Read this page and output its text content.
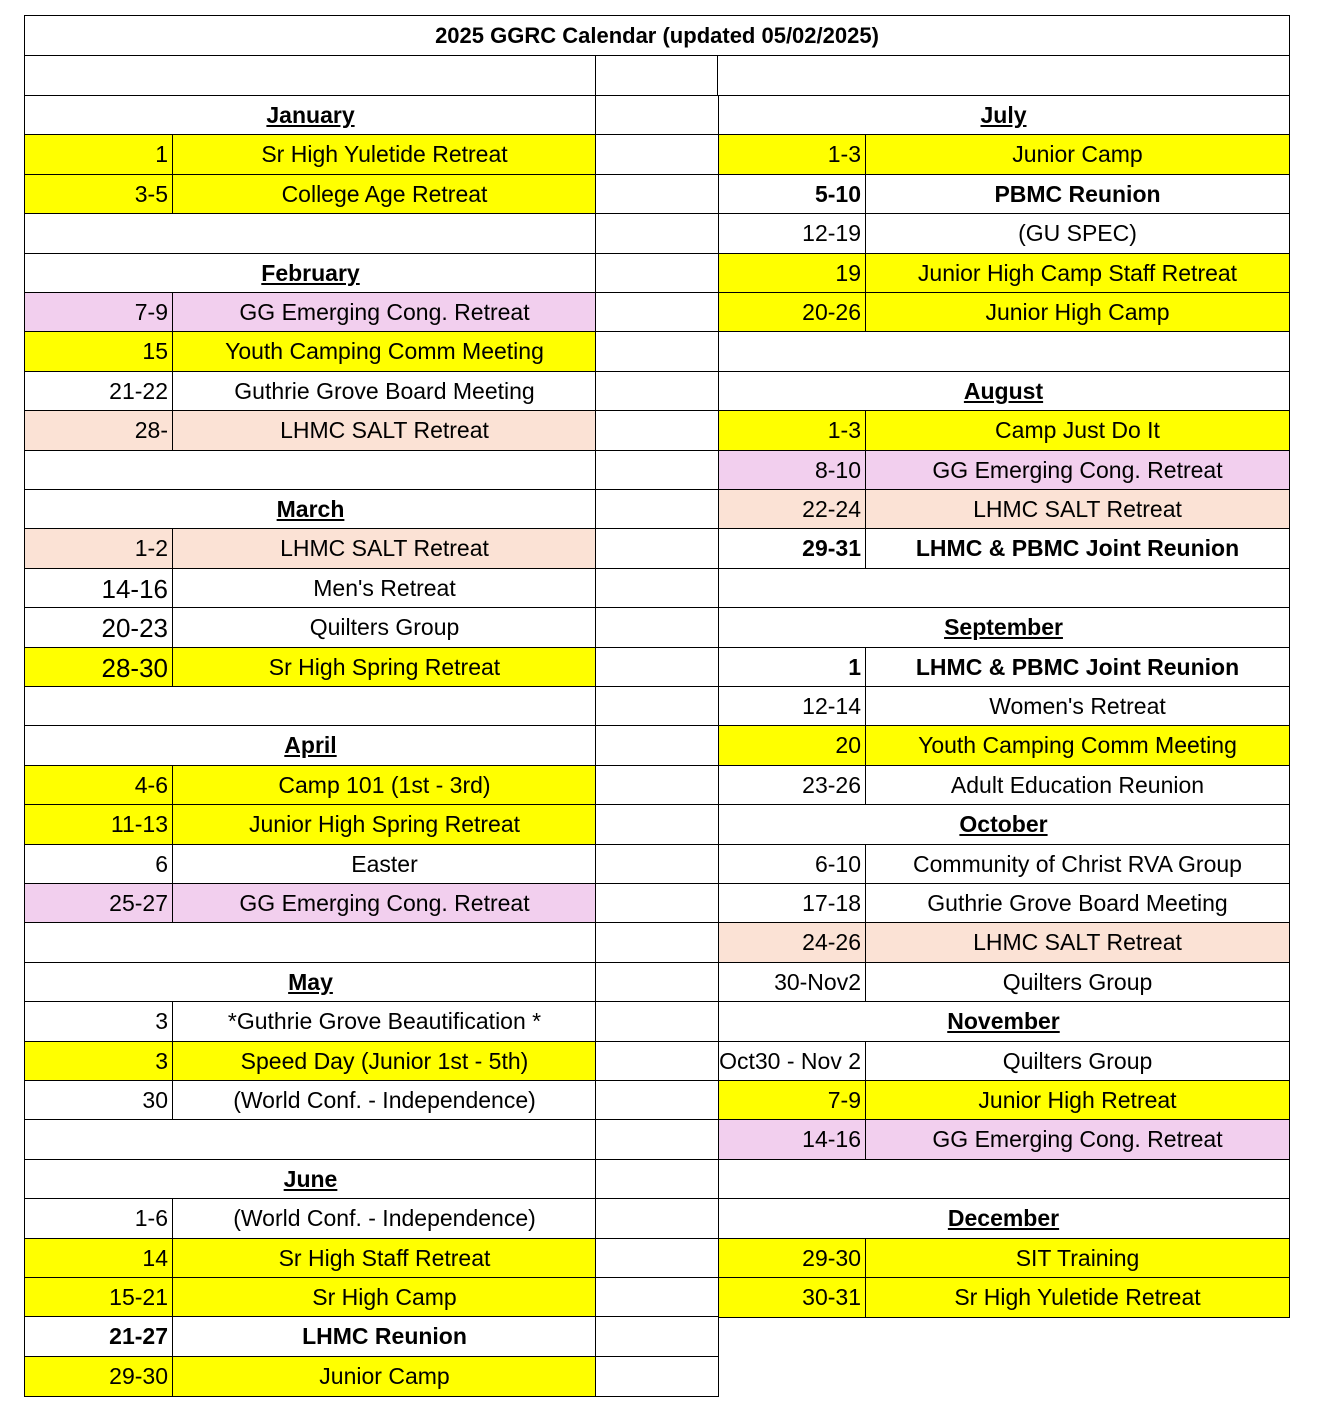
2025 GGRC Calendar (updated 05/02/2025)
January
1	Sr High Yuletide Retreat
3-5	College Age Retreat
February
7-9	GG Emerging Cong. Retreat
15	Youth Camping Comm Meeting
21-22	Guthrie Grove Board Meeting
28-	LHMC SALT Retreat
March
1-2	LHMC SALT Retreat
14-16	Men's Retreat
20-23	Quilters Group
28-30	Sr High Spring Retreat
April
4-6	Camp 101 (1st - 3rd)
11-13	Junior High Spring Retreat
6	Easter
25-27	GG Emerging Cong. Retreat
May
3	*Guthrie Grove Beautification *
3	Speed Day (Junior 1st - 5th)
30	(World Conf. - Independence)
June
1-6	(World Conf. - Independence)
14	Sr High Staff Retreat
15-21	Sr High Camp
21-27	LHMC Reunion
29-30	Junior Camp
July
1-3	Junior Camp
5-10	PBMC Reunion
12-19	(GU SPEC)
19	Junior High Camp Staff Retreat
20-26	Junior High Camp
August
1-3	Camp Just Do It
8-10	GG Emerging Cong. Retreat
22-24	LHMC SALT Retreat
29-31	LHMC & PBMC Joint Reunion
September
1	LHMC & PBMC Joint Reunion
12-14	Women's Retreat
20	Youth Camping Comm Meeting
23-26	Adult Education Reunion
October
6-10	Community of Christ RVA Group
17-18	Guthrie Grove Board Meeting
24-26	LHMC SALT Retreat
30-Nov2	Quilters Group
November
Oct30 - Nov 2	Quilters Group
7-9	Junior High Retreat
14-16	GG Emerging Cong. Retreat
December
29-30	SIT Training
30-31	Sr High Yuletide Retreat
